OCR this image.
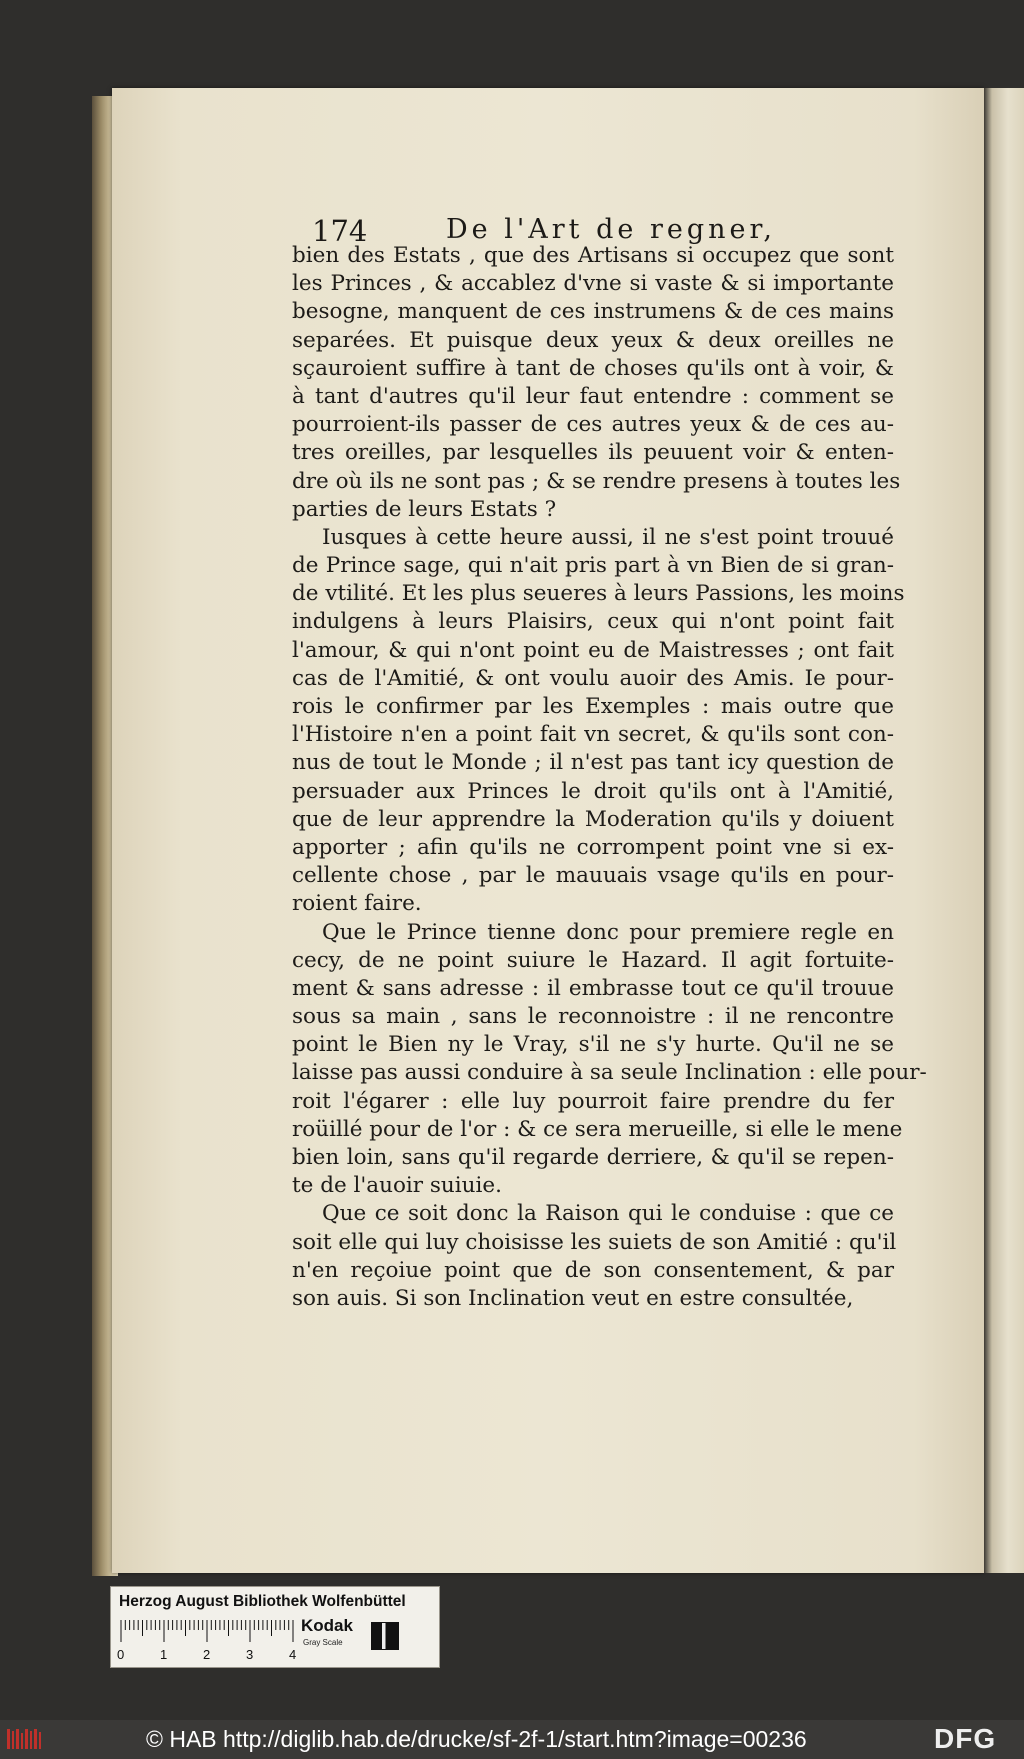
174	De l'Art de regner,
bien des Estats , que des Artisans si occupez que sont
les Princes , & accablez d'vne si vaste & si importante
besogne, manquent de ces instrumens & de ces mains
separées. Et puisque deux yeux & deux oreilles ne
sçauroient suffire à tant de choses qu'ils ont à voir, &
à tant d'autres qu'il leur faut entendre : comment se
pourroient-ils passer de ces autres yeux & de ces au-
tres oreilles, par lesquelles ils peuuent voir & enten-
dre où ils ne sont pas ; & se rendre presens à toutes les
parties de leurs Estats ?
Iusques à cette heure aussi, il ne s'est point trouué
de Prince sage, qui n'ait pris part à vn Bien de si gran-
de vtilité. Et les plus seueres à leurs Passions, les moins
indulgens à leurs Plaisirs, ceux qui n'ont point fait
l'amour, & qui n'ont point eu de Maistresses ; ont fait
cas de l'Amitié, & ont voulu auoir des Amis. Ie pour-
rois le confirmer par les Exemples : mais outre que
l'Histoire n'en a point fait vn secret, & qu'ils sont con-
nus de tout le Monde ; il n'est pas tant icy question de
persuader aux Princes le droit qu'ils ont à l'Amitié,
que de leur apprendre la Moderation qu'ils y doiuent
apporter ; afin qu'ils ne corrompent point vne si ex-
cellente chose , par le mauuais vsage qu'ils en pour-
roient faire.
Que le Prince tienne donc pour premiere regle en
cecy, de ne point suiure le Hazard. Il agit fortuite-
ment & sans adresse : il embrasse tout ce qu'il trouue
sous sa main , sans le reconnoistre : il ne rencontre
point le Bien ny le Vray, s'il ne s'y hurte. Qu'il ne se
laisse pas aussi conduire à sa seule Inclination : elle pour-
roit l'égarer : elle luy pourroit faire prendre du fer
roüillé pour de l'or : & ce sera merueille, si elle le mene
bien loin, sans qu'il regarde derriere, & qu'il se repen-
te de l'auoir suiuie.
Que ce soit donc la Raison qui le conduise : que ce
soit elle qui luy choisisse les suiets de son Amitié : qu'il
n'en reçoiue point que de son consentement, & par
son auis. Si son Inclination veut en estre consultée,
Herzog August Bibliothek Wolfenbüttel
0	1	2	3	4
Kodak
Gray Scale
© HAB http://diglib.hab.de/drucke/sf-2f-1/start.htm?image=00236	DFG
